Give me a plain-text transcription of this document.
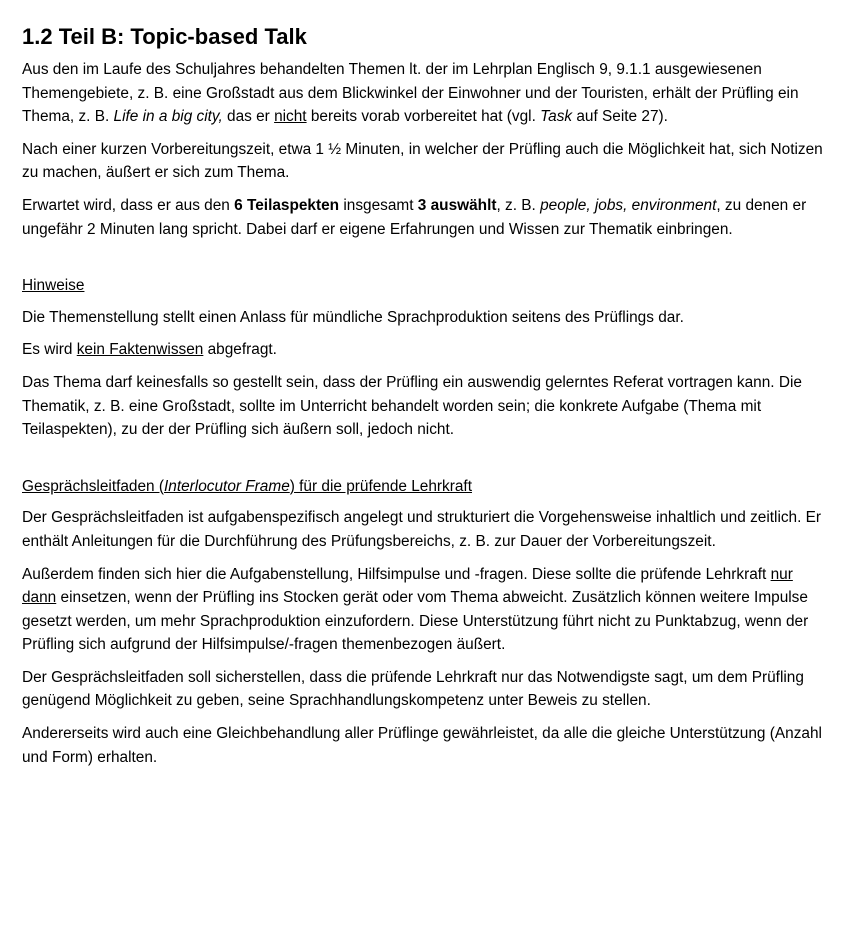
1.2 Teil B: Topic-based Talk

Aus den im Laufe des Schuljahres behandelten Themen lt. der im Lehrplan Englisch 9, 9.1.1 ausgewiesenen Themengebiete, z. B. eine Großstadt aus dem Blickwinkel der Einwohner und der Touristen, erhält der Prüfling ein Thema, z. B. Life in a big city, das er nicht bereits vorab vorbereitet hat (vgl. Task auf Seite 27).

Nach einer kurzen Vorbereitungszeit, etwa 1 ½ Minuten, in welcher der Prüfling auch die Möglichkeit hat, sich Notizen zu machen, äußert er sich zum Thema.

Erwartet wird, dass er aus den 6 Teilaspekten insgesamt 3 auswählt, z. B. people, jobs, environment, zu denen er ungefähr 2 Minuten lang spricht. Dabei darf er eigene Erfahrungen und Wissen zur Thematik einbringen.

Hinweise

Die Themenstellung stellt einen Anlass für mündliche Sprachproduktion seitens des Prüflings dar.

Es wird kein Faktenwissen abgefragt.

Das Thema darf keinesfalls so gestellt sein, dass der Prüfling ein auswendig gelerntes Referat vortragen kann. Die Thematik, z. B. eine Großstadt, sollte im Unterricht behandelt worden sein; die konkrete Aufgabe (Thema mit Teilaspekten), zu der der Prüfling sich äußern soll, jedoch nicht.

Gesprächsleitfaden (Interlocutor Frame) für die prüfende Lehrkraft

Der Gesprächsleitfaden ist aufgabenspezifisch angelegt und strukturiert die Vorgehensweise inhaltlich und zeitlich. Er enthält Anleitungen für die Durchführung des Prüfungsbereichs, z. B. zur Dauer der Vorbereitungszeit.

Außerdem finden sich hier die Aufgabenstellung, Hilfsimpulse und -fragen. Diese sollte die prüfende Lehrkraft nur dann einsetzen, wenn der Prüfling ins Stocken gerät oder vom Thema abweicht. Zusätzlich können weitere Impulse gesetzt werden, um mehr Sprachproduktion einzufordern. Diese Unterstützung führt nicht zu Punktabzug, wenn der Prüfling sich aufgrund der Hilfsimpulse/-fragen themenbezogen äußert.

Der Gesprächsleitfaden soll sicherstellen, dass die prüfende Lehrkraft nur das Notwendigste sagt, um dem Prüfling genügend Möglichkeit zu geben, seine Sprachhandlungskompetenz unter Beweis zu stellen.

Andererseits wird auch eine Gleichbehandlung aller Prüflinge gewährleistet, da alle die gleiche Unterstützung (Anzahl und Form) erhalten.
